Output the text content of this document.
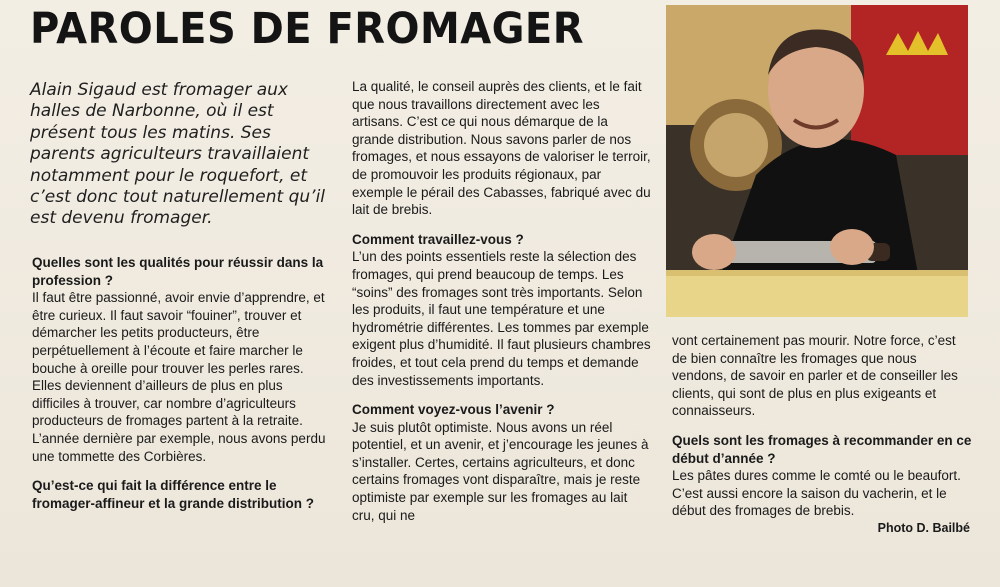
PAROLES DE FROMAGER
Alain Sigaud est fromager aux halles de Narbonne, où il est présent tous les matins. Ses parents agriculteurs travaillaient notamment pour le roquefort, et c’est donc tout naturellement qu’il est devenu fromager.
Quelles sont les qualités pour réussir dans la profession ?

Il faut être passionné, avoir envie d’apprendre, et être curieux. Il faut savoir “fouiner”, trouver et démarcher les petits producteurs, être perpétuellement à l’écoute et faire marcher le bouche à oreille pour trouver les perles rares. Elles deviennent d’ailleurs de plus en plus difficiles à trouver, car nombre d’agriculteurs producteurs de fromages partent à la retraite. L’année dernière par exemple, nous avons perdu une tommette des Corbières.

Qu’est-ce qui fait la différence entre le fromager-affineur et la grande distribution ?

La qualité, le conseil auprès des clients, et le fait que nous travaillons directement avec les artisans. C’est ce qui nous démarque de la grande distribution. Nous savons parler de nos fromages, et nous essayons de valoriser le terroir, de promouvoir les produits régionaux, par exemple le pérail des Cabasses, fabriqué avec du lait de brebis.

Comment travaillez-vous ?

L’un des points essentiels reste la sélection des fromages, qui prend beaucoup de temps. Les “soins” des fromages sont très importants. Selon les produits, il faut une température et une hydrométrie différentes. Les tommes par exemple exigent plus d’humidité. Il faut plusieurs chambres froides, et tout cela prend du temps et demande des investissements importants.

Comment voyez-vous l’avenir ?

Je suis plutôt optimiste. Nous avons un réel potentiel, et un avenir, et j’encourage les jeunes à s’installer. Certes, certains agriculteurs, et donc certains fromages vont disparaître, mais je reste optimiste par exemple sur les fromages au lait cru, qui ne

vont certainement pas mourir. Notre force, c’est de bien connaître les fromages que nous vendons, de savoir en parler et de conseiller les clients, qui sont de plus en plus exigeants et connaisseurs.

Quels sont les fromages à recommander en ce début d’année ?

Les pâtes dures comme le comté ou le beaufort. C’est aussi encore la saison du vacherin, et le début des fromages de brebis.

Photo D. Bailbé
